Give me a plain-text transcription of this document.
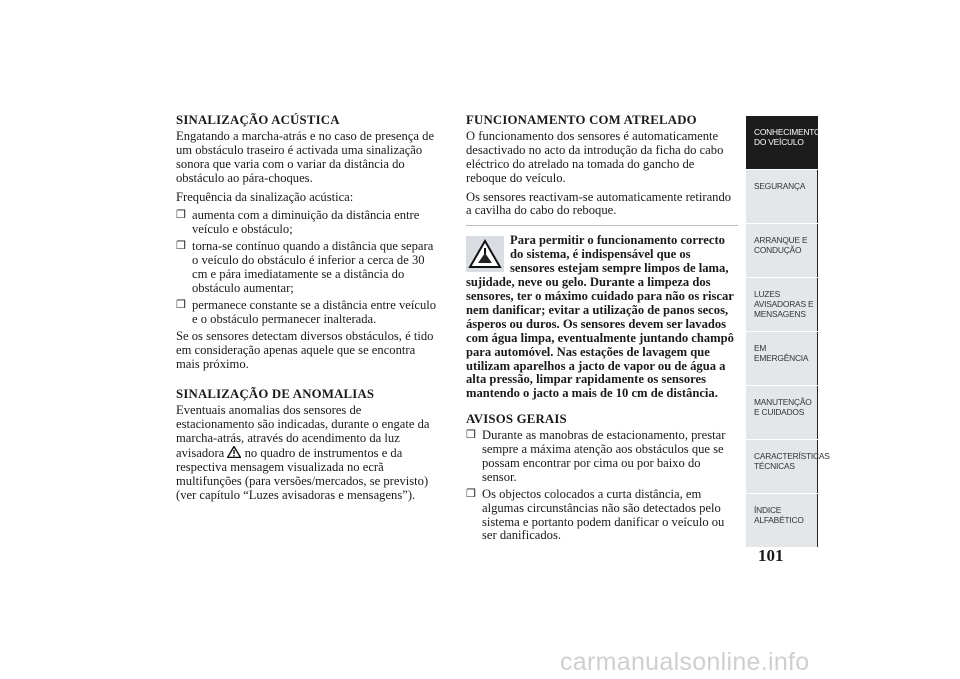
SINALIZAÇÃO ACÚSTICA

Engatando a marcha-atrás e no caso de presença de um obstáculo traseiro é activada uma sinalização sonora que varia com o variar da distância do obstáculo ao pára-choques.

Frequência da sinalização acústica:

❒ aumenta com a diminuição da distância entre veículo e obstáculo;
❒ torna-se contínuo quando a distância que separa o veículo do obstáculo é inferior a cerca de 30 cm e pára imediatamente se a distância do obstáculo aumentar;
❒ permanece constante se a distância entre veículo e o obstáculo permanecer inalterada.

Se os sensores detectam diversos obstáculos, é tido em consideração apenas aquele que se encontra mais próximo.

SINALIZAÇÃO DE ANOMALIAS

Eventuais anomalias dos sensores de estacionamento são indicadas, durante o engate da marcha-atrás, através do acendimento da luz avisadora no quadro de instrumentos e da respectiva mensagem visualizada no ecrã multifunções (para versões/mercados, se previsto) (ver capítulo “Luzes avisadoras e mensagens”).

FUNCIONAMENTO COM ATRELADO

O funcionamento dos sensores é automaticamente desactivado no acto da introdução da ficha do cabo eléctrico do atrelado na tomada do gancho de reboque do veículo.

Os sensores reactivam-se automaticamente retirando a cavilha do cabo do reboque.

Para permitir o funcionamento correcto do sistema, é indispensável que os sensores estejam sempre limpos de lama, sujidade, neve ou gelo. Durante a limpeza dos sensores, ter o máximo cuidado para não os riscar nem danificar; evitar a utilização de panos secos, ásperos ou duros. Os sensores devem ser lavados com água limpa, eventualmente juntando champô para automóvel. Nas estações de lavagem que utilizam aparelhos a jacto de vapor ou de água a alta pressão, limpar rapidamente os sensores mantendo o jacto a mais de 10 cm de distância.

AVISOS GERAIS
❒ Durante as manobras de estacionamento, prestar sempre a máxima atenção aos obstáculos que se possam encontrar por cima ou por baixo do sensor.
❒ Os objectos colocados a curta distância, em algumas circunstâncias não são detectados pelo sistema e portanto podem danificar o veículo ou ser danificados.
CONHECIMENTO DO VEÍCULO
SEGURANÇA
ARRANQUE E CONDUÇÃO
LUZES AVISADORAS E MENSAGENS
EM EMERGÊNCIA
MANUTENÇÃO E CUIDADOS
CARACTERÍSTICAS TÉCNICAS
ÍNDICE ALFABÉTICO
101
carmanualsonline.info
